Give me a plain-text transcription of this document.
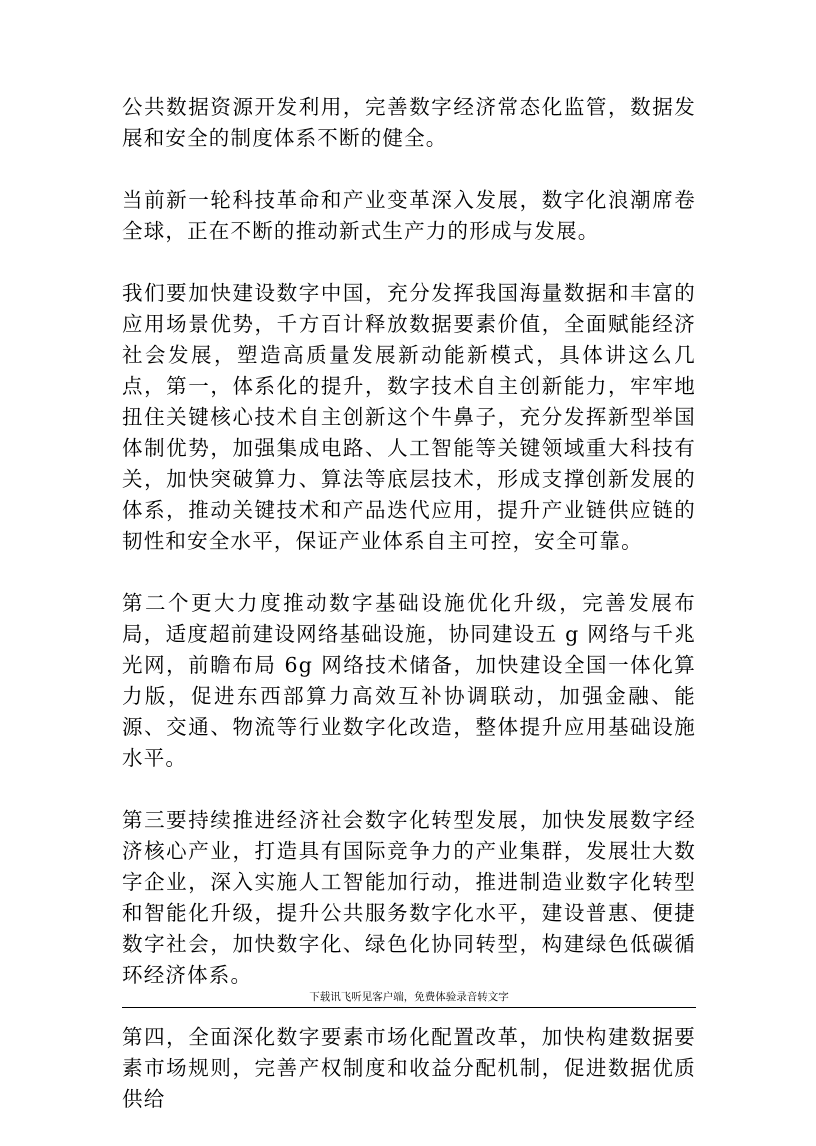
公共数据资源开发利用，完善数字经济常态化监管，数据发展和安全的制度体系不断的健全。

当前新一轮科技革命和产业变革深入发展，数字化浪潮席卷全球，正在不断的推动新式生产力的形成与发展。

我们要加快建设数字中国，充分发挥我国海量数据和丰富的应用场景优势，千方百计释放数据要素价值，全面赋能经济社会发展，塑造高质量发展新动能新模式，具体讲这么几点，第一，体系化的提升，数字技术自主创新能力，牢牢地扭住关键核心技术自主创新这个牛鼻子，充分发挥新型举国体制优势，加强集成电路、人工智能等关键领域重大科技有关，加快突破算力、算法等底层技术，形成支撑创新发展的体系，推动关键技术和产品迭代应用，提升产业链供应链的韧性和安全水平，保证产业体系自主可控，安全可靠。

第二个更大力度推动数字基础设施优化升级，完善发展布局，适度超前建设网络基础设施，协同建设五 g 网络与千兆光网，前瞻布局 6g 网络技术储备，加快建设全国一体化算力版，促进东西部算力高效互补协调联动，加强金融、能源、交通、物流等行业数字化改造，整体提升应用基础设施水平。

第三要持续推进经济社会数字化转型发展，加快发展数字经济核心产业，打造具有国际竞争力的产业集群，发展壮大数字企业，深入实施人工智能加行动，推进制造业数字化转型和智能化升级，提升公共服务数字化水平，建设普惠、便捷数字社会，加快数字化、绿色化协同转型，构建绿色低碳循环经济体系。

第四，全面深化数字要素市场化配置改革，加快构建数据要素市场规则，完善产权制度和收益分配机制，促进数据优质供给

下载讯飞听见客户端，免费体验录音转文字
